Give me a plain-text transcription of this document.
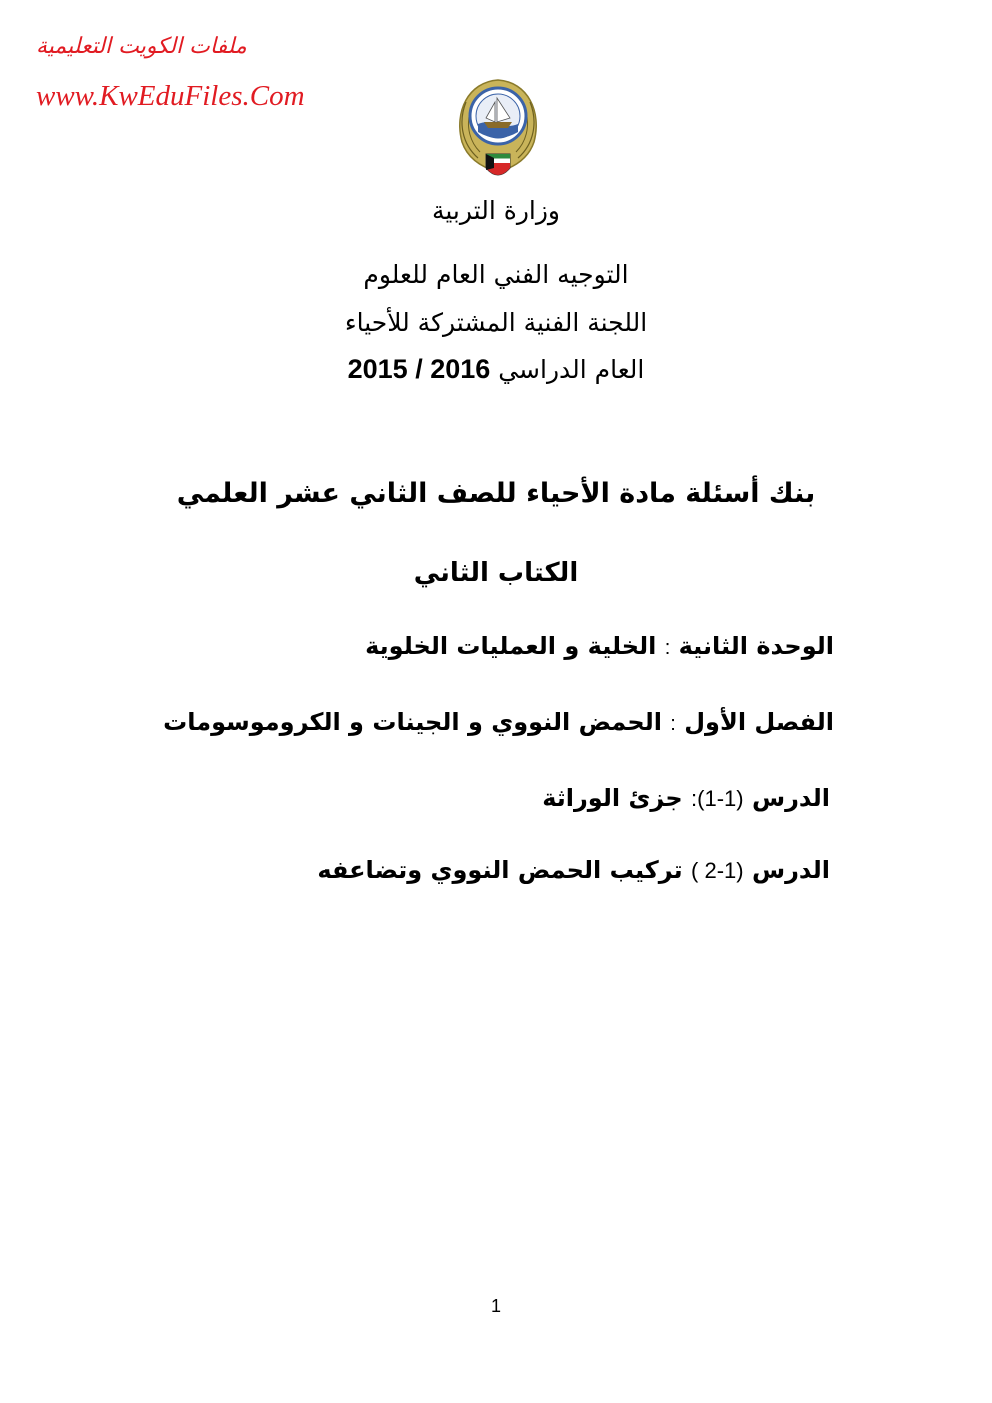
ملفات الكويت التعليمية
www.KwEduFiles.Com
وزارة التربية
التوجيه الفني العام للعلوم
اللجنة الفنية المشتركة للأحياء
العام الدراسي 2015 / 2016
بنك أسئلة مادة الأحياء للصف الثاني عشر العلمي
الكتاب الثاني
الوحدة الثانية : الخلية و العمليات الخلوية
الفصل الأول : الحمض النووي و الجينات و الكروموسومات
الدرس :(1-1) جزئ الوراثة
الدرس ( 2-1) تركيب الحمض النووي وتضاعفه
1
